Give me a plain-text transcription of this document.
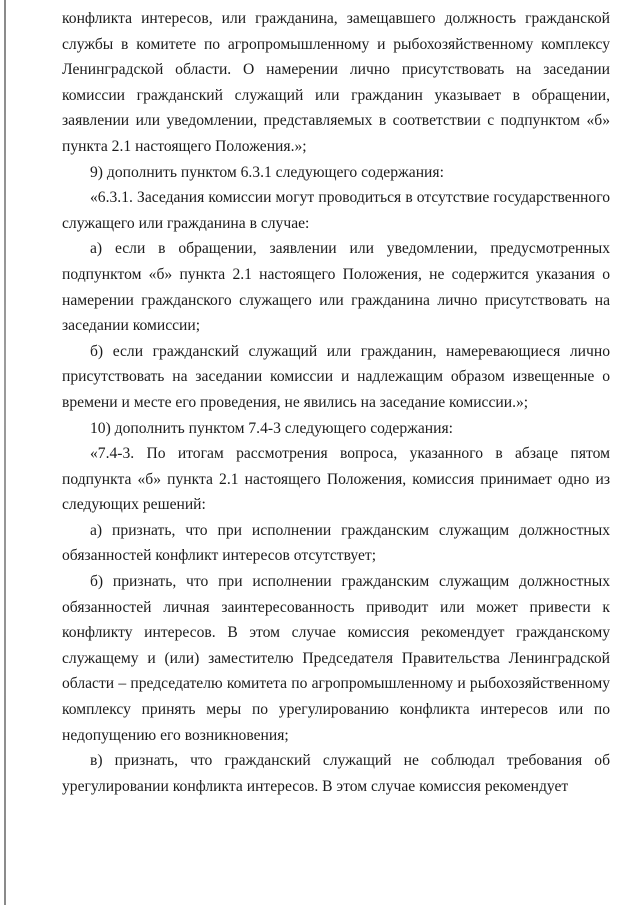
конфликта интересов, или гражданина, замещавшего должность гражданской службы в комитете по агропромышленному и рыбохозяйственному комплексу Ленинградской области. О намерении лично присутствовать на заседании комиссии гражданский служащий или гражданин указывает в обращении, заявлении или уведомлении, представляемых в соответствии с подпунктом «б» пункта 2.1 настоящего Положения.»;

9) дополнить пунктом 6.3.1 следующего содержания:

«6.3.1. Заседания комиссии могут проводиться в отсутствие государственного служащего или гражданина в случае:

а) если в обращении, заявлении или уведомлении, предусмотренных подпунктом «б» пункта 2.1 настоящего Положения, не содержится указания о намерении гражданского служащего или гражданина лично присутствовать на заседании комиссии;

б) если гражданский служащий или гражданин, намеревающиеся лично присутствовать на заседании комиссии и надлежащим образом извещенные о времени и месте его проведения, не явились на заседание комиссии.»;

10) дополнить пунктом 7.4-3 следующего содержания:

«7.4-3. По итогам рассмотрения вопроса, указанного в абзаце пятом подпункта «б» пункта 2.1 настоящего Положения, комиссия принимает одно из следующих решений:

а) признать, что при исполнении гражданским служащим должностных обязанностей конфликт интересов отсутствует;

б) признать, что при исполнении гражданским служащим должностных обязанностей личная заинтересованность приводит или может привести к конфликту интересов. В этом случае комиссия рекомендует гражданскому служащему и (или) заместителю Председателя Правительства Ленинградской области – председателю комитета по агропромышленному и рыбохозяйственному комплексу принять меры по урегулированию конфликта интересов или по недопущению его возникновения;

в) признать, что гражданский служащий не соблюдал требования об урегулировании конфликта интересов. В этом случае комиссия рекомендует
